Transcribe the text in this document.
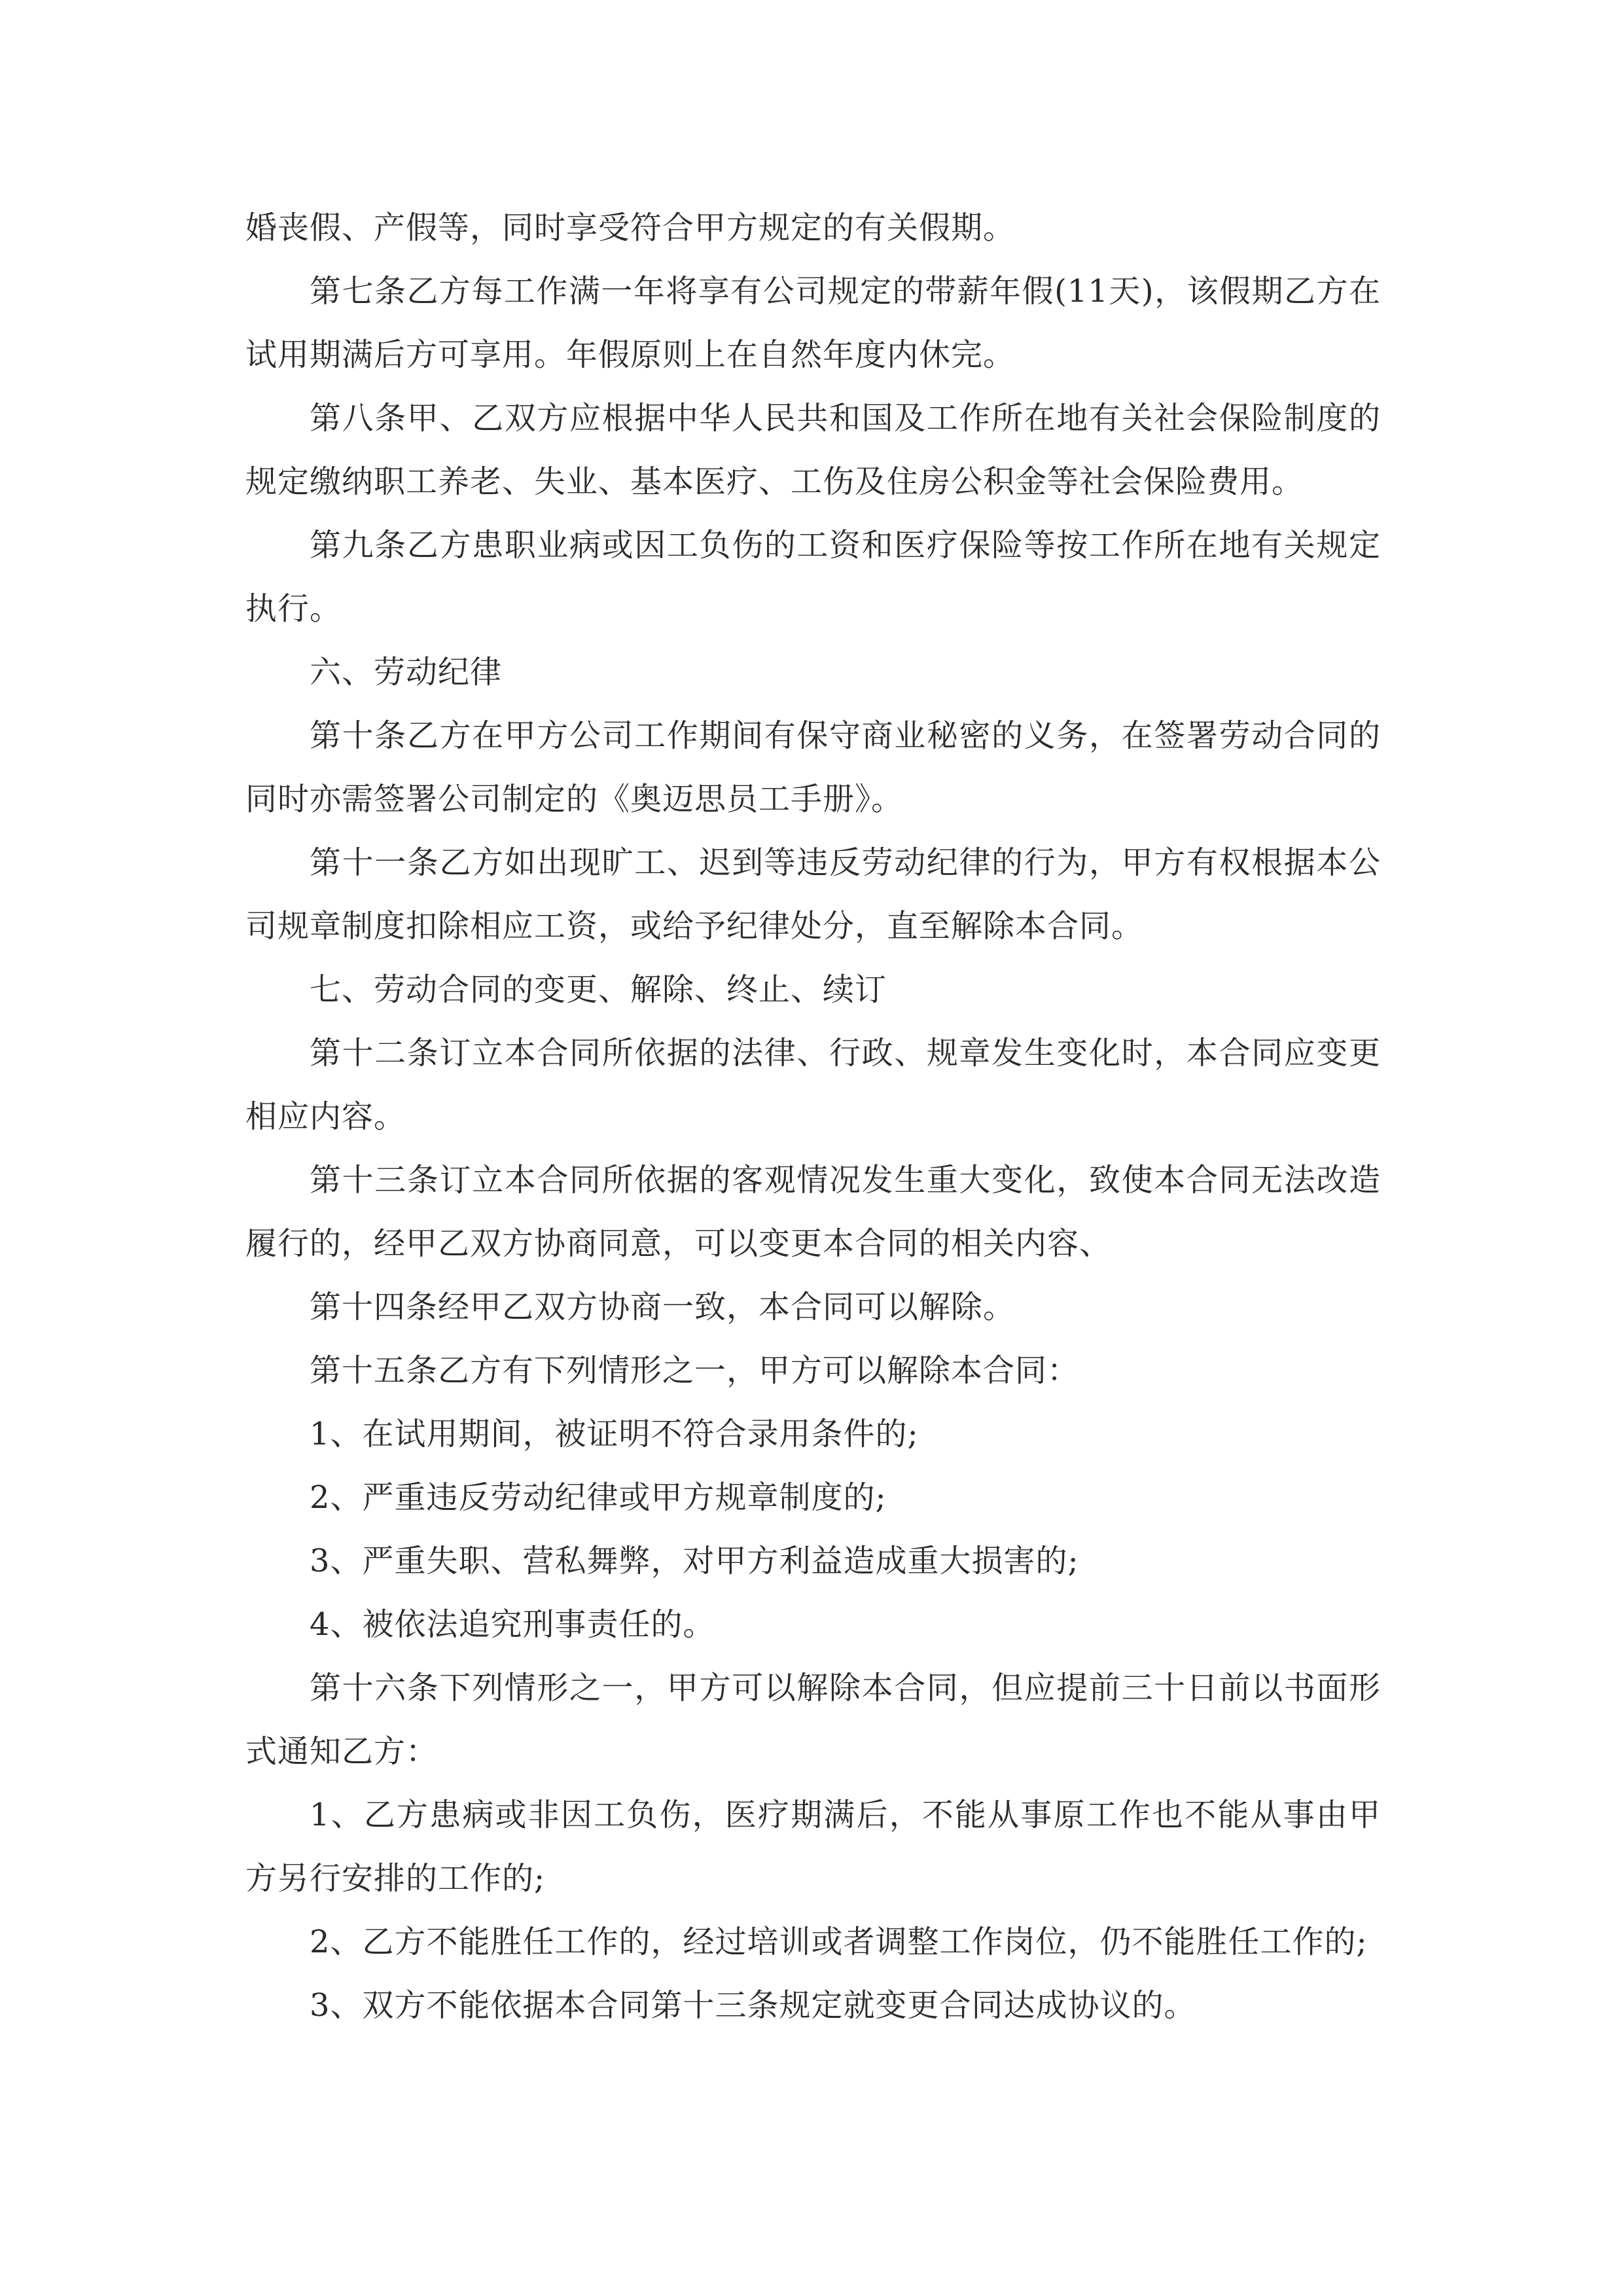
婚丧假、产假等，同时享受符合甲方规定的有关假期。

第七条乙方每工作满一年将享有公司规定的带薪年假(11天)，该假期乙方在试用期满后方可享用。年假原则上在自然年度内休完。

第八条甲、乙双方应根据中华人民共和国及工作所在地有关社会保险制度的规定缴纳职工养老、失业、基本医疗、工伤及住房公积金等社会保险费用。

第九条乙方患职业病或因工负伤的工资和医疗保险等按工作所在地有关规定执行。

六、劳动纪律

第十条乙方在甲方公司工作期间有保守商业秘密的义务，在签署劳动合同的同时亦需签署公司制定的《奥迈思员工手册》。

第十一条乙方如出现旷工、迟到等违反劳动纪律的行为，甲方有权根据本公司规章制度扣除相应工资，或给予纪律处分，直至解除本合同。

七、劳动合同的变更、解除、终止、续订

第十二条订立本合同所依据的法律、行政、规章发生变化时，本合同应变更相应内容。

第十三条订立本合同所依据的客观情况发生重大变化，致使本合同无法改造履行的，经甲乙双方协商同意，可以变更本合同的相关内容、

第十四条经甲乙双方协商一致，本合同可以解除。

第十五条乙方有下列情形之一，甲方可以解除本合同：

1、在试用期间，被证明不符合录用条件的;

2、严重违反劳动纪律或甲方规章制度的;

3、严重失职、营私舞弊，对甲方利益造成重大损害的;

4、被依法追究刑事责任的。

第十六条下列情形之一，甲方可以解除本合同，但应提前三十日前以书面形式通知乙方：

1、乙方患病或非因工负伤，医疗期满后，不能从事原工作也不能从事由甲方另行安排的工作的;

2、乙方不能胜任工作的，经过培训或者调整工作岗位，仍不能胜任工作的;

3、双方不能依据本合同第十三条规定就变更合同达成协议的。
